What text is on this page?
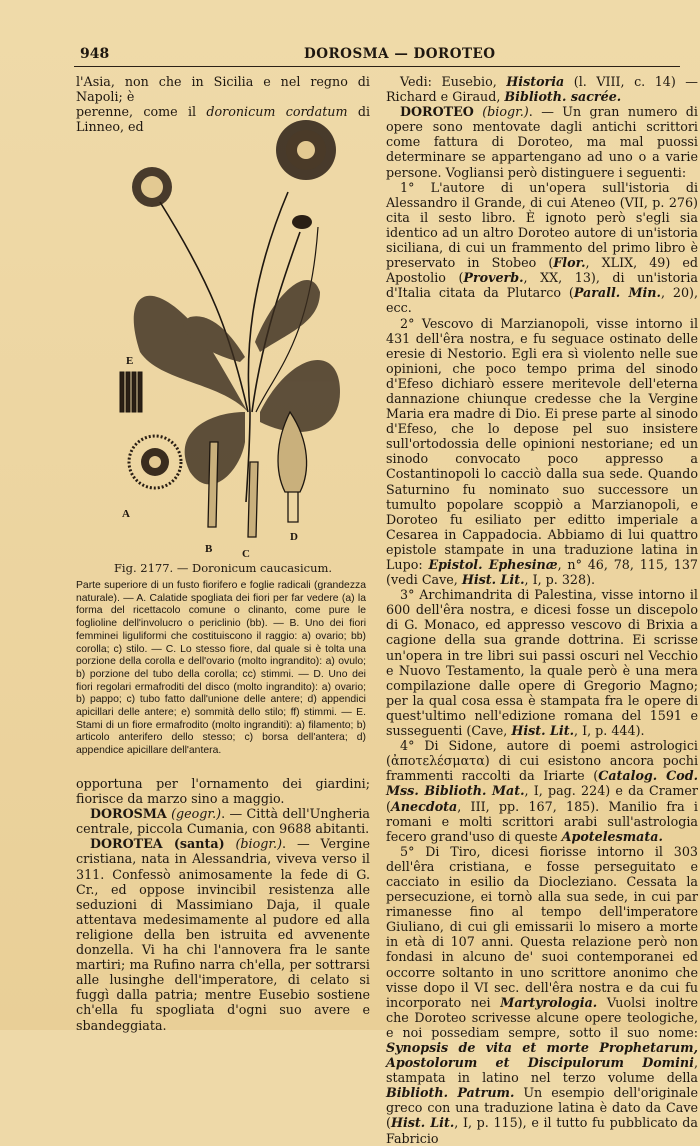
948	DOROSMA — DOROTEO

l'Asia, non che in Sicilia e nel regno di Napoli; è

perenne, come il doronicum cordatum di Linneo, ed

A
B	C
D
E
Fig. 2177. — Doronicum caucasicum.
Parte superiore di un fusto fiorifero e foglie radicali (grandezza naturale). — A. Calatide spogliata dei fiori per far vedere (a) la forma del ricettacolo comune o clinanto, come pure le foglioline dell'involucro o periclinio (bb). — B. Uno dei fiori femminei liguliformi che costituiscono il raggio: a) ovario; bb) corolla; c) stilo. — C. Lo stesso fiore, dal quale si è tolta una porzione della corolla e dell'ovario (molto ingrandito): a) ovulo; b) porzione del tubo della corolla; cc) stimmi. — D. Uno dei fiori regolari ermafroditi del disco (molto ingrandito): a) ovario; b) pappo; c) tubo fatto dall'unione delle antere; d) appendici apicillari delle antere; e) sommità dello stilo; ff) stimmi. — E. Stami di un fiore ermafrodito (molto ingranditi): a) filamento; b) articolo anterifero dello stesso; c) borsa dell'antera; d) appendice apicillare dell'antera.

opportuna per l'ornamento dei giardini; fiorisce da marzo sino a maggio.

DOROSMA (geogr.). — Città dell'Ungheria centrale, piccola Cumania, con 9688 abitanti.

DOROTEA (santa) (biogr.). — Vergine cristiana, nata in Alessandria, viveva verso il 311. Confessò animosamente la fede di G. Cr., ed oppose invincibil resistenza alle seduzioni di Massimiano Daja, il quale attentava medesimamente al pudore ed alla religione della ben istruita ed avvenente donzella. Vi ha chi l'annovera fra le sante martiri; ma Rufino narra ch'ella, per sottrarsi alle lusinghe dell'imperatore, di celato si fuggì dalla patria; mentre Eusebio sostiene ch'ella fu spogliata d'ogni suo avere e sbandeggiata.

Vedi: Eusebio, Historia (l. VIII, c. 14) — Richard e Giraud, Biblioth. sacrée.

DOROTEO (biogr.). — Un gran numero di opere sono mentovate dagli antichi scrittori come fattura di Doroteo, ma mal puossi determinare se appartengano ad uno o a varie persone. Vogliansi però distinguere i seguenti:

1° L'autore di un'opera sull'istoria di Alessandro il Grande, di cui Ateneo (VII, p. 276) cita il sesto libro. È ignoto però s'egli sia identico ad un altro Doroteo autore di un'istoria siciliana, di cui un frammento del primo libro è preservato in Stobeo (Flor., XLIX, 49) ed Apostolio (Proverb., XX, 13), di un'istoria d'Italia citata da Plutarco (Parall. Min., 20), ecc.

2° Vescovo di Marzianopoli, visse intorno il 431 dell'êra nostra, e fu seguace ostinato delle eresie di Nestorio. Egli era sì violento nelle sue opinioni, che poco tempo prima del sinodo d'Efeso dichiarò essere meritevole dell'eterna dannazione chiunque credesse che la Vergine Maria era madre di Dio. Ei prese parte al sinodo d'Efeso, che lo depose pel suo insistere sull'ortodossia delle opinioni nestoriane; ed un sinodo convocato poco appresso a Costantinopoli lo cacciò dalla sua sede. Quando Saturnino fu nominato suo successore un tumulto popolare scoppiò a Marzianopoli, e Doroteo fu esiliato per editto imperiale a Cesarea in Cappadocia. Abbiamo di lui quattro epistole stampate in una traduzione latina in Lupo: Epistol. Ephesinæ, n° 46, 78, 115, 137 (vedi Cave, Hist. Lit., I, p. 328).

3° Archimandrita di Palestina, visse intorno il 600 dell'êra nostra, e dicesi fosse un discepolo di G. Monaco, ed appresso vescovo di Brixia a cagione della sua grande dottrina. Ei scrisse un'opera in tre libri sui passi oscuri nel Vecchio e Nuovo Testamento, la quale però è una mera compilazione dalle opere di Gregorio Magno; per la qual cosa essa è stampata fra le opere di quest'ultimo nell'edizione romana del 1591 e susseguenti (Cave, Hist. Lit., I, p. 444).

4° Di Sidone, autore di poemi astrologici (ἀποτελέσματα) di cui esistono ancora pochi frammenti raccolti da Iriarte (Catalog. Cod. Mss. Biblioth. Mat., I, pag. 224) e da Cramer (Anecdota, III, pp. 167, 185). Manilio fra i romani e molti scrittori arabi sull'astrologia fecero grand'uso di queste Apotelesmata.

5° Di Tiro, dicesi fiorisse intorno il 303 dell'êra cristiana, e fosse perseguitato e cacciato in esilio da Diocleziano. Cessata la persecuzione, ei tornò alla sua sede, in cui par rimanesse fino al tempo dell'imperatore Giuliano, di cui gli emissarii lo misero a morte in età di 107 anni. Questa relazione però non fondasi in alcuno de' suoi contemporanei ed occorre soltanto in uno scrittore anonimo che visse dopo il VI sec. dell'êra nostra e da cui fu incorporato nei Martyrologia. Vuolsi inoltre che Doroteo scrivesse alcune opere teologiche, e noi possediam sempre, sotto il suo nome: Synopsis de vita et morte Prophetarum, Apostolorum et Discipulorum Domini, stampata in latino nel terzo volume della Biblioth. Patrum. Un esempio dell'originale greco con una traduzione latina è dato da Cave (Hist. Lit., I, p. 115), e il tutto fu pubblicato da Fabricio
